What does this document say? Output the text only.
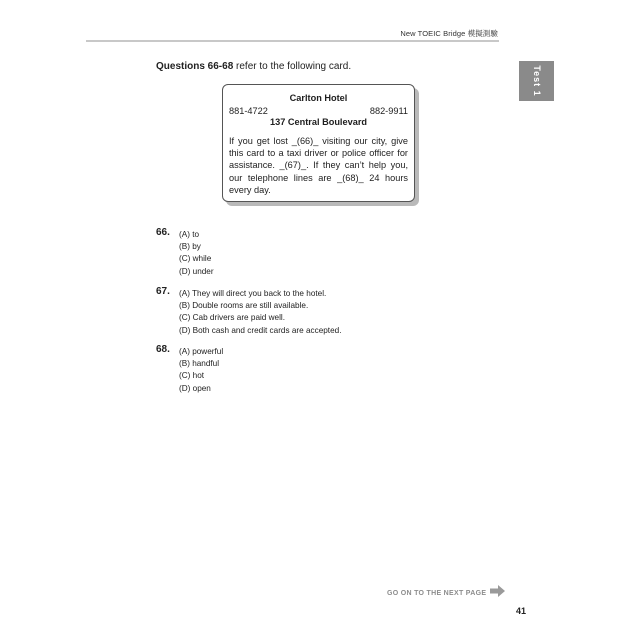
New TOEIC Bridge 模擬測驗
Test 1
Questions 66-68 refer to the following card.
Carlton Hotel
881-4722	882-9911
137 Central Boulevard
If you get lost _(66)_ visiting our city, give this card to a taxi driver or police officer for assistance. _(67)_. If they can’t help you, our telephone lines are _(68)_ 24 hours every day.
66. (A) to
(B) by
(C) while
(D) under
67. (A) They will direct you back to the hotel.
(B) Double rooms are still available.
(C) Cab drivers are paid well.
(D) Both cash and credit cards are accepted.
68. (A) powerful
(B) handful
(C) hot
(D) open
GO ON TO THE NEXT PAGE
41
